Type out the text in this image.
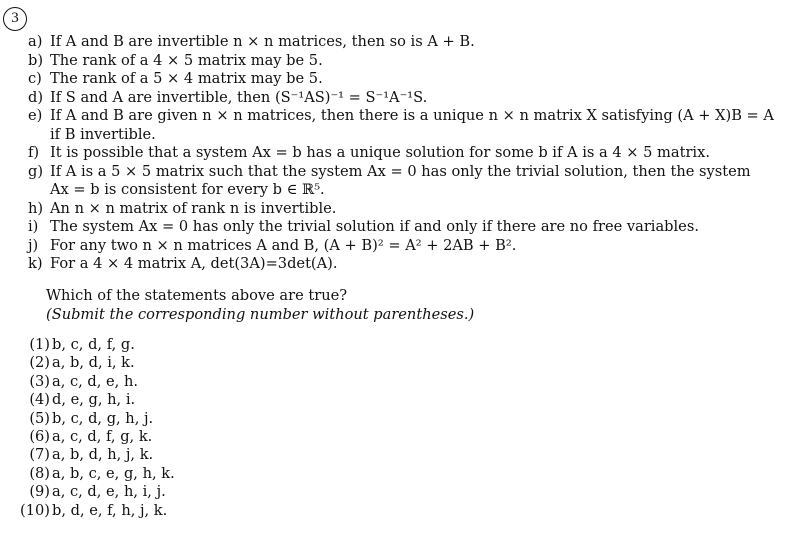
3
a) If A and B are invertible n × n matrices, then so is A + B.
b) The rank of a 4 × 5 matrix may be 5.
c) The rank of a 5 × 4 matrix may be 5.
d) If S and A are invertible, then (S⁻¹AS)⁻¹ = S⁻¹A⁻¹S.
e) If A and B are given n × n matrices, then there is a unique n × n matrix X satisfying (A + X)B = A
if B invertible.
f) It is possible that a system Ax = b has a unique solution for some b if A is a 4 × 5 matrix.
g) If A is a 5 × 5 matrix such that the system Ax = 0 has only the trivial solution, then the system
Ax = b is consistent for every b ∈ ℝ⁵.
h) An n × n matrix of rank n is invertible.
i) The system Ax = 0 has only the trivial solution if and only if there are no free variables.
j) For any two n × n matrices A and B, (A + B)² = A² + 2AB + B².
k) For a 4 × 4 matrix A, det(3A)=3det(A).
Which of the statements above are true?
(Submit the corresponding number without parentheses.)
(1) b, c, d, f, g.
(2) a, b, d, i, k.
(3) a, c, d, e, h.
(4) d, e, g, h, i.
(5) b, c, d, g, h, j.
(6) a, c, d, f, g, k.
(7) a, b, d, h, j, k.
(8) a, b, c, e, g, h, k.
(9) a, c, d, e, h, i, j.
(10) b, d, e, f, h, j, k.
